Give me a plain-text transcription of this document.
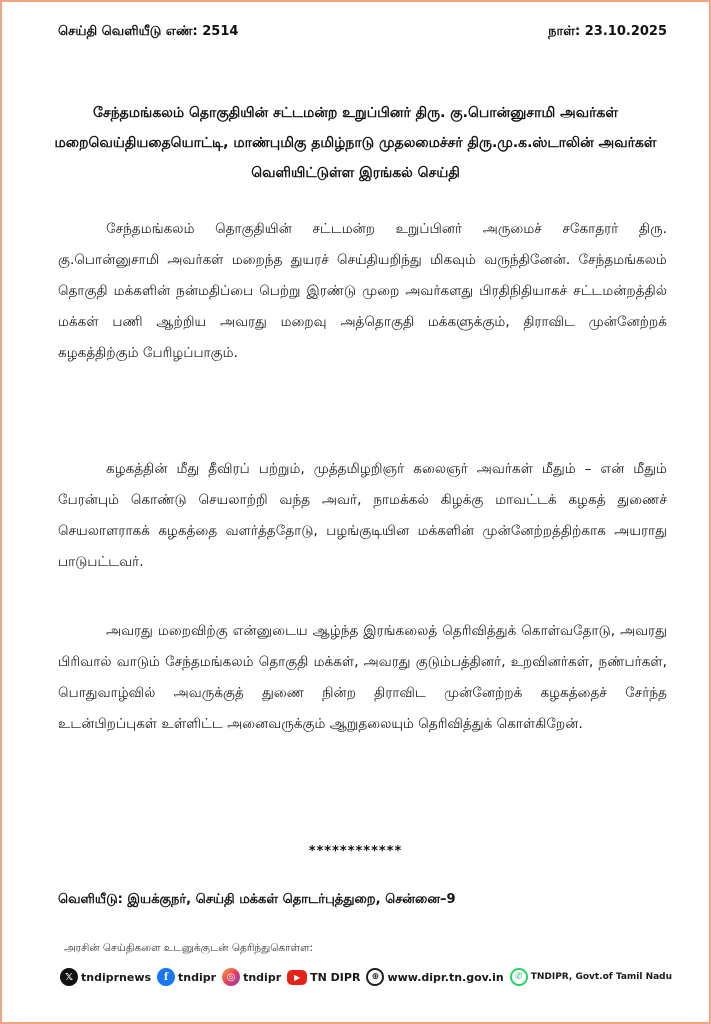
செய்தி வெளியீடு எண்: 2514	நாள்: 23.10.2025
சேந்தமங்கலம் தொகுதியின் சட்டமன்ற உறுப்பினர் திரு. கு.பொன்னுசாமி அவர்கள் மறைவெய்தியதையொட்டி, மாண்புமிகு தமிழ்நாடு முதலமைச்சர் திரு.மு.க.ஸ்டாலின் அவர்கள் வெளியிட்டுள்ள இரங்கல் செய்தி

சேந்தமங்கலம் தொகுதியின் சட்டமன்ற உறுப்பினர் அருமைச் சகோதரர் திரு. கு.பொன்னுசாமி அவர்கள் மறைந்த துயரச் செய்தியறிந்து மிகவும் வருந்தினேன். சேந்தமங்கலம் தொகுதி மக்களின் நன்மதிப்பை பெற்று இரண்டு முறை அவர்களது பிரதிநிதியாகச் சட்டமன்றத்தில் மக்கள் பணி ஆற்றிய அவரது மறைவு அத்தொகுதி மக்களுக்கும், திராவிட முன்னேற்றக் கழகத்திற்கும் பேரிழப்பாகும்.

கழகத்தின் மீது தீவிரப் பற்றும், முத்தமிழறிஞர் கலைஞர் அவர்கள் மீதும் – என் மீதும் பேரன்பும் கொண்டு செயலாற்றி வந்த அவர், நாமக்கல் கிழக்கு மாவட்டக் கழகத் துணைச் செயலாளராகக் கழகத்தை வளர்த்ததோடு, பழங்குடியின மக்களின் முன்னேற்றத்திற்காக அயராது பாடுபட்டவர்.

அவரது மறைவிற்கு என்னுடைய ஆழ்ந்த இரங்கலைத் தெரிவித்துக் கொள்வதோடு, அவரது பிரிவால் வாடும் சேந்தமங்கலம் தொகுதி மக்கள், அவரது குடும்பத்தினர், உறவினர்கள், நண்பர்கள், பொதுவாழ்வில் அவருக்குத் துணை நின்ற திராவிட முன்னேற்றக் கழகத்தைச் சேர்ந்த உடன்பிறப்புகள் உள்ளிட்ட அனைவருக்கும் ஆறுதலையும் தெரிவித்துக் கொள்கிறேன்.

************
வெளியீடு: இயக்குநர், செய்தி மக்கள் தொடர்புத்துறை, சென்னை–9
அரசின் செய்திகளை உடனுக்குடன் தெரிந்துகொள்ள:
𝕏 tndiprnews	f tndipr	◎ tndipr	▶ TN DIPR	⊕ www.dipr.tn.gov.in	✆ TNDIPR, Govt.of Tamil Nadu
